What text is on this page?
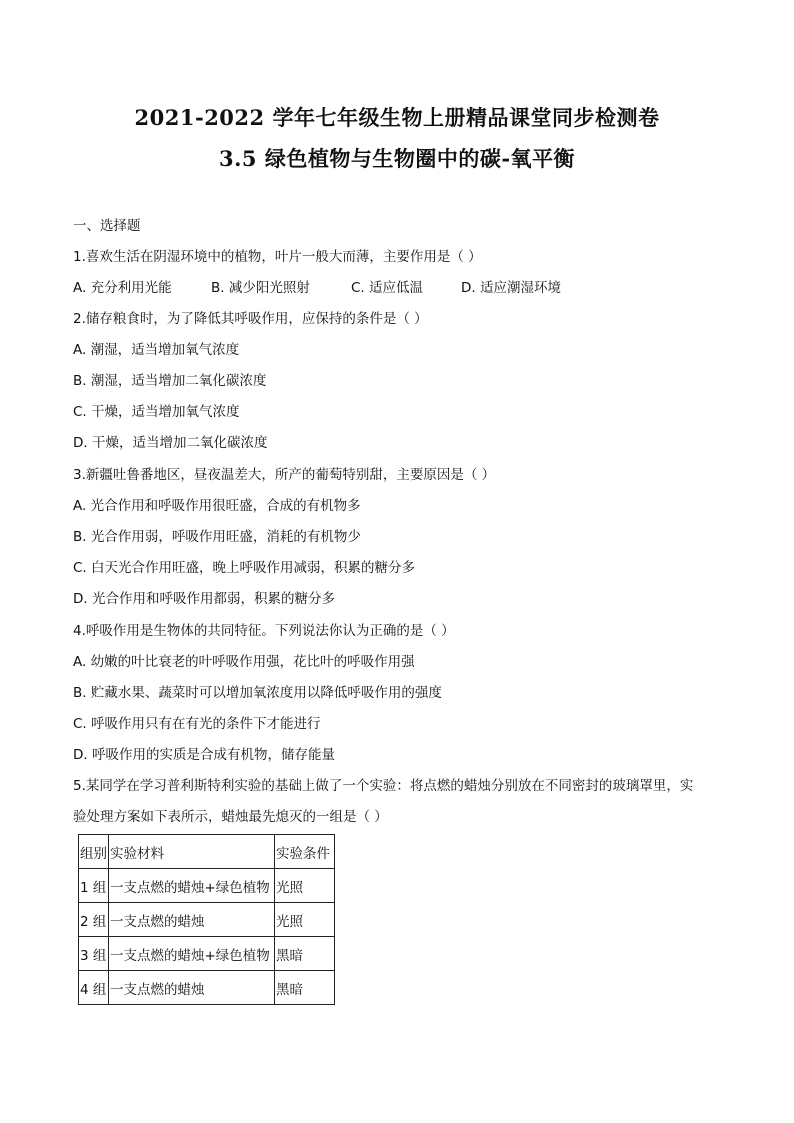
2021-2022 学年七年级生物上册精品课堂同步检测卷
3.5 绿色植物与生物圈中的碳-氧平衡
一、选择题
1.喜欢生活在阴湿环境中的植物，叶片一般大而薄，主要作用是（ ）
A. 充分利用光能	B. 减少阳光照射	C. 适应低温	D. 适应潮湿环境
2.储存粮食时，为了降低其呼吸作用，应保持的条件是（ ）
A. 潮湿，适当增加氧气浓度
B. 潮湿，适当增加二氧化碳浓度
C. 干燥，适当增加氧气浓度
D. 干燥，适当增加二氧化碳浓度
3.新疆吐鲁番地区，昼夜温差大，所产的葡萄特别甜，主要原因是（ ）
A. 光合作用和呼吸作用很旺盛，合成的有机物多
B. 光合作用弱，呼吸作用旺盛，消耗的有机物少
C. 白天光合作用旺盛，晚上呼吸作用减弱，积累的糖分多
D. 光合作用和呼吸作用都弱，积累的糖分多
4.呼吸作用是生物体的共同特征。下列说法你认为正确的是（ ）
A. 幼嫩的叶比衰老的叶呼吸作用强，花比叶的呼吸作用强
B. 贮藏水果、蔬菜时可以增加氧浓度用以降低呼吸作用的强度
C. 呼吸作用只有在有光的条件下才能进行
D. 呼吸作用的实质是合成有机物，储存能量
5.某同学在学习普利斯特利实验的基础上做了一个实验：将点燃的蜡烛分别放在不同密封的玻璃罩里，实
验处理方案如下表所示，蜡烛最先熄灭的一组是（ ）
组别	实验材料	实验条件
1 组	一支点燃的蜡烛+绿色植物	光照
2 组	一支点燃的蜡烛	光照
3 组	一支点燃的蜡烛+绿色植物	黑暗
4 组	一支点燃的蜡烛	黑暗
